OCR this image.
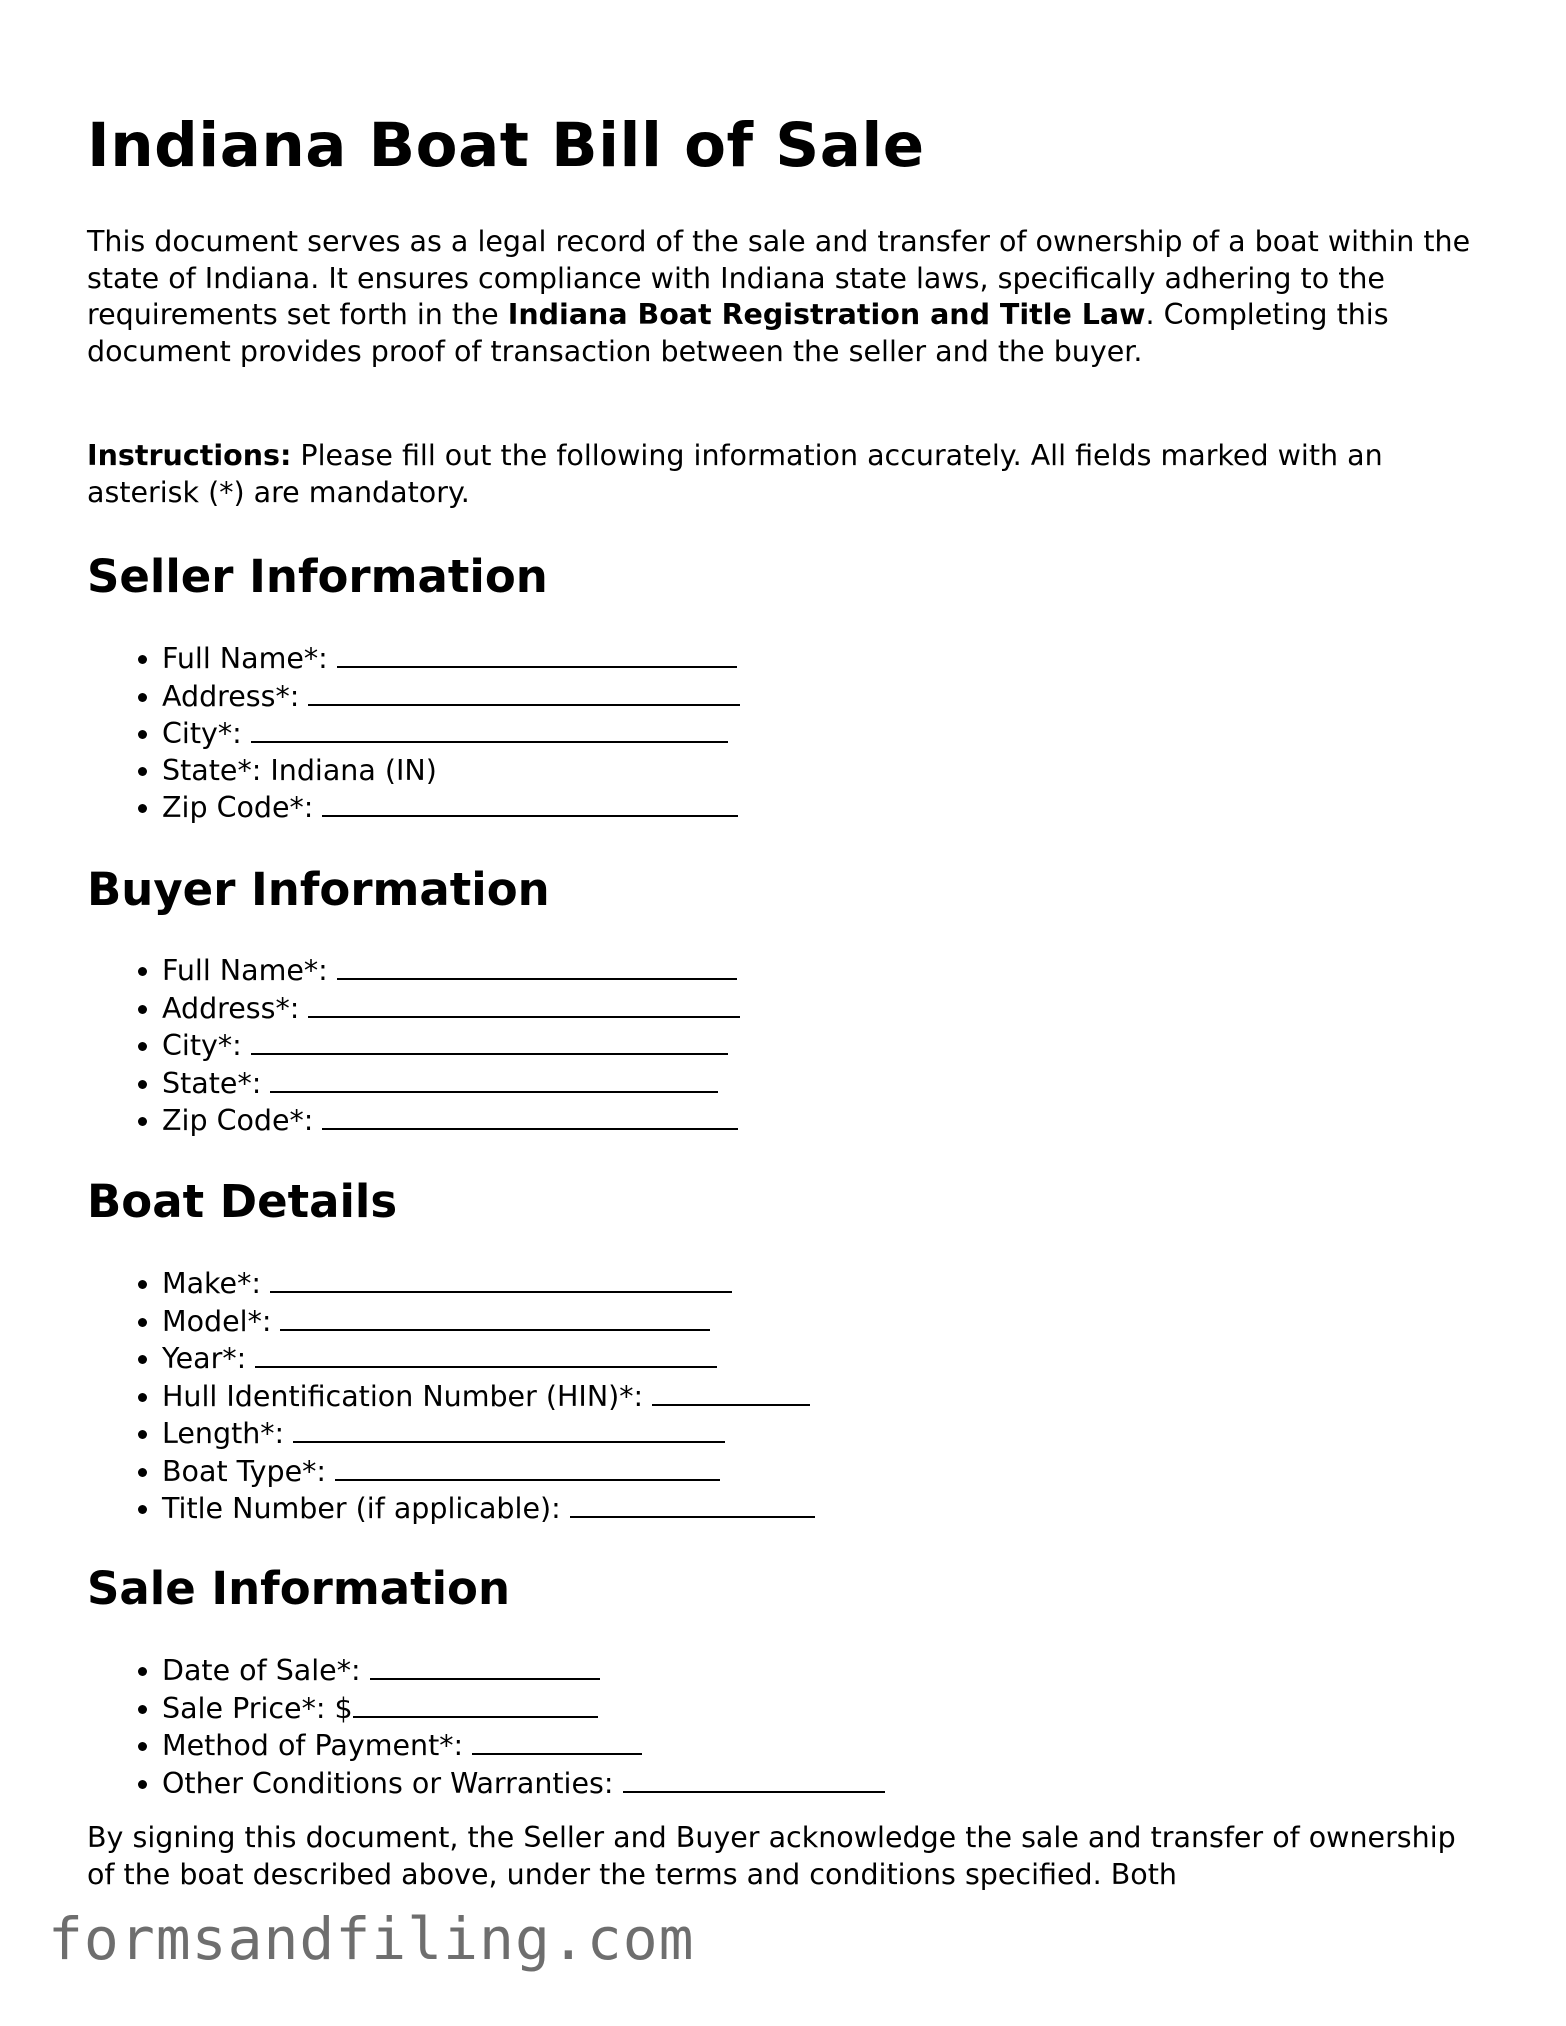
Indiana Boat Bill of Sale

This document serves as a legal record of the sale and transfer of ownership of a boat within the state of Indiana. It ensures compliance with Indiana state laws, specifically adhering to the requirements set forth in the Indiana Boat Registration and Title Law. Completing this document provides proof of transaction between the seller and the buyer.

Instructions: Please fill out the following information accurately. All fields marked with an asterisk (*) are mandatory.

Seller Information
• Full Name*:
• Address*:
• City*:
• State*: Indiana (IN)
• Zip Code*:
Buyer Information
• Full Name*:
• Address*:
• City*:
• State*:
• Zip Code*:
Boat Details
• Make*:
• Model*:
• Year*:
• Hull Identification Number (HIN)*:
• Length*:
• Boat Type*:
• Title Number (if applicable):
Sale Information
• Date of Sale*:
• Sale Price*: $
• Method of Payment*:
• Other Conditions or Warranties:

By signing this document, the Seller and Buyer acknowledge the sale and transfer of ownership of the boat described above, under the terms and conditions specified. Both

formsandfiling.com
